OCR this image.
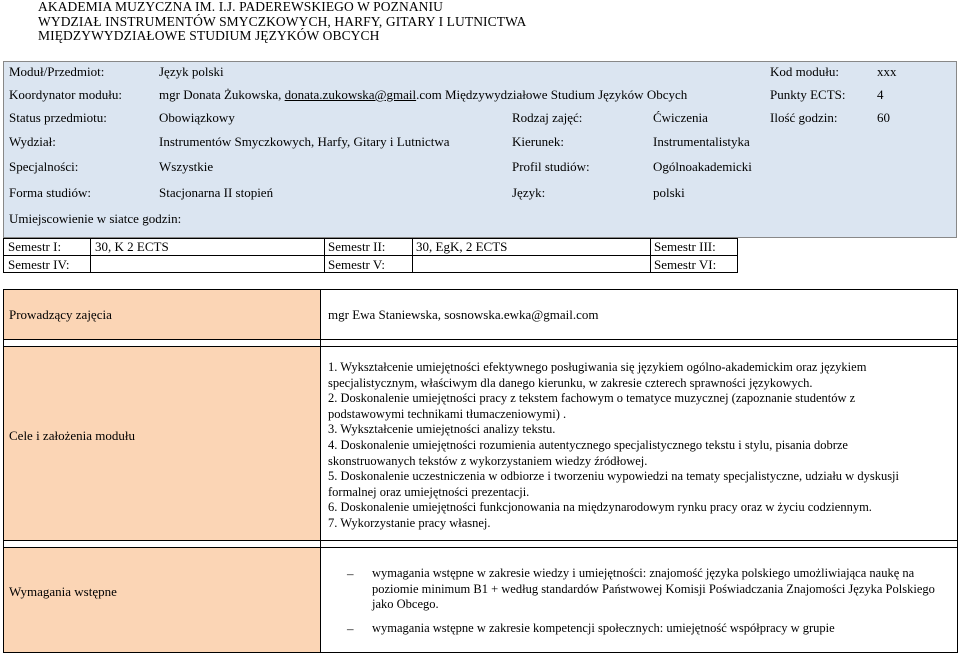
AKADEMIA MUZYCZNA IM. I.J. PADEREWSKIEGO W POZNANIU
WYDZIAŁ INSTRUMENTÓW SMYCZKOWYCH, HARFY, GITARY I LUTNICTWA
MIĘDZYWYDZIAŁOWE STUDIUM JĘZYKÓW OBCYCH
Moduł/Przedmiot:	Język polski	Kod modułu:	xxx
Koordynator modułu:	mgr Donata Żukowska, donata.zukowska@gmail.com Międzywydziałowe Studium Języków Obcych	Punkty ECTS: 4
Status przedmiotu:	Obowiązkowy	Rodzaj zajęć:	Ćwiczenia	Ilość godzin:	60
Wydział:	Instrumentów Smyczkowych, Harfy, Gitary i Lutnictwa	Kierunek:	Instrumentalistyka
Specjalności:	Wszystkie	Profil studiów:	Ogólnoakademicki
Forma studiów:	Stacjonarna II stopień	Język:	polski
Umiejscowienie w siatce godzin:
Semestr I:	30, K 2 ECTS	Semestr II: 30, EgK, 2 ECTS	Semestr III:
Semestr IV:	Semestr V:	Semestr VI:
Prowadzący zajęcia	mgr Ewa Staniewska, sosnowska.ewka@gmail.com
Cele i założenia modułu
1. Wykształcenie umiejętności efektywnego posługiwania się językiem ogólno-akademickim oraz językiem specjalistycznym, właściwym dla danego kierunku, w zakresie czterech sprawności językowych.
2. Doskonalenie umiejętności pracy z tekstem fachowym o tematyce muzycznej (zapoznanie studentów z podstawowymi technikami tłumaczeniowymi) .
3. Wykształcenie umiejętności analizy tekstu.
4. Doskonalenie umiejętności rozumienia autentycznego specjalistycznego tekstu i stylu, pisania dobrze skonstruowanych tekstów z wykorzystaniem wiedzy źródłowej.
5. Doskonalenie uczestniczenia w odbiorze i tworzeniu wypowiedzi na tematy specjalistyczne, udziału w dyskusji formalnej oraz umiejętności prezentacji.
6. Doskonalenie umiejętności funkcjonowania na międzynarodowym rynku pracy oraz w życiu codziennym.
7. Wykorzystanie pracy własnej.
Wymagania wstępne
– wymagania wstępne w zakresie wiedzy i umiejętności: znajomość języka polskiego umożliwiająca naukę na poziomie minimum B1 + według standardów Państwowej Komisji Poświadczania Znajomości Języka Polskiego jako Obcego.
– wymagania wstępne w zakresie kompetencji społecznych: umiejętność współpracy w grupie
